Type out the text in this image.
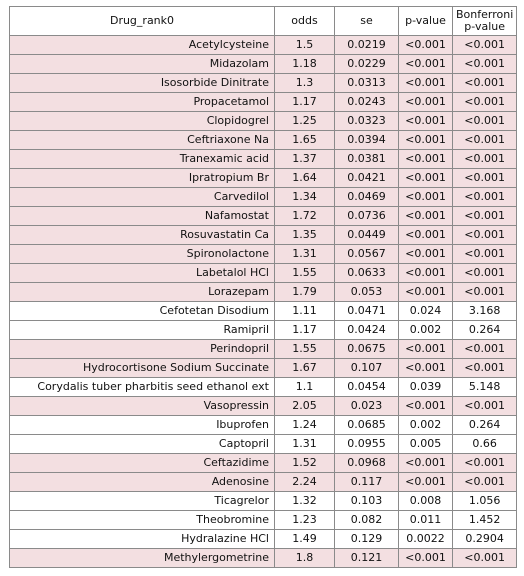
Drug_rank0	odds	se	p-value	Bonferroni
p-value
Acetylcysteine	1.5	0.0219	<0.001	<0.001
Midazolam	1.18	0.0229	<0.001	<0.001
Isosorbide Dinitrate	1.3	0.0313	<0.001	<0.001
Propacetamol	1.17	0.0243	<0.001	<0.001
Clopidogrel	1.25	0.0323	<0.001	<0.001
Ceftriaxone Na	1.65	0.0394	<0.001	<0.001
Tranexamic acid	1.37	0.0381	<0.001	<0.001
Ipratropium Br	1.64	0.0421	<0.001	<0.001
Carvedilol	1.34	0.0469	<0.001	<0.001
Nafamostat	1.72	0.0736	<0.001	<0.001
Rosuvastatin Ca	1.35	0.0449	<0.001	<0.001
Spironolactone	1.31	0.0567	<0.001	<0.001
Labetalol HCl	1.55	0.0633	<0.001	<0.001
Lorazepam	1.79	0.053	<0.001	<0.001
Cefotetan Disodium	1.11	0.0471	0.024	3.168
Ramipril	1.17	0.0424	0.002	0.264
Perindopril	1.55	0.0675	<0.001	<0.001
Hydrocortisone Sodium Succinate	1.67	0.107	<0.001	<0.001
Corydalis tuber pharbitis seed ethanol ext	1.1	0.0454	0.039	5.148
Vasopressin	2.05	0.023	<0.001	<0.001
Ibuprofen	1.24	0.0685	0.002	0.264
Captopril	1.31	0.0955	0.005	0.66
Ceftazidime	1.52	0.0968	<0.001	<0.001
Adenosine	2.24	0.117	<0.001	<0.001
Ticagrelor	1.32	0.103	0.008	1.056
Theobromine	1.23	0.082	0.011	1.452
Hydralazine HCl	1.49	0.129	0.0022	0.2904
Methylergometrine	1.8	0.121	<0.001	<0.001
